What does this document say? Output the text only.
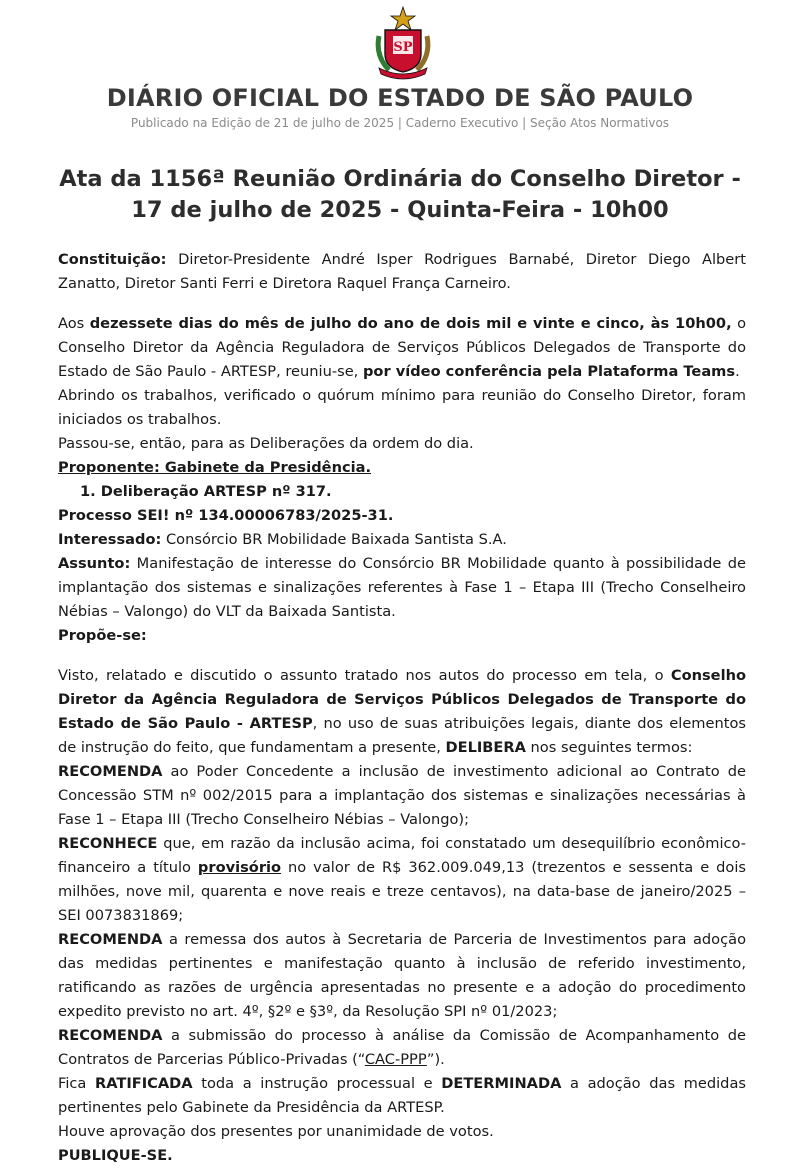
SP
DIÁRIO OFICIAL DO ESTADO DE SÃO PAULO
Publicado na Edição de 21 de julho de 2025 | Caderno Executivo | Seção Atos Normativos
Ata da 1156ª Reunião Ordinária do Conselho Diretor -
17 de julho de 2025 - Quinta-Feira - 10h00

Constituição: Diretor-Presidente André Isper Rodrigues Barnabé, Diretor Diego Albert Zanatto, Diretor Santi Ferri e Diretora Raquel França Carneiro.

Aos dezessete dias do mês de julho do ano de dois mil e vinte e cinco, às 10h00, o Conselho Diretor da Agência Reguladora de Serviços Públicos Delegados de Transporte do Estado de São Paulo - ARTESP, reuniu-se, por vídeo conferência pela Plataforma Teams.

Abrindo os trabalhos, verificado o quórum mínimo para reunião do Conselho Diretor, foram iniciados os trabalhos.

Passou-se, então, para as Deliberações da ordem do dia.

Proponente: Gabinete da Presidência.

1. Deliberação ARTESP nº 317.

Processo SEI! nº 134.00006783/2025-31.

Interessado: Consórcio BR Mobilidade Baixada Santista S.A.

Assunto: Manifestação de interesse do Consórcio BR Mobilidade quanto à possibilidade de implantação dos sistemas e sinalizações referentes à Fase 1 – Etapa III (Trecho Conselheiro Nébias – Valongo) do VLT da Baixada Santista.

Propõe-se:

Visto, relatado e discutido o assunto tratado nos autos do processo em tela, o Conselho Diretor da Agência Reguladora de Serviços Públicos Delegados de Transporte do Estado de São Paulo - ARTESP, no uso de suas atribuições legais, diante dos elementos de instrução do feito, que fundamentam a presente, DELIBERA nos seguintes termos:

RECOMENDA ao Poder Concedente a inclusão de investimento adicional ao Contrato de Concessão STM nº 002/2015 para a implantação dos sistemas e sinalizações necessárias à Fase 1 – Etapa III (Trecho Conselheiro Nébias – Valongo);

RECONHECE que, em razão da inclusão acima, foi constatado um desequilíbrio econômico-financeiro a título provisório no valor de R$ 362.009.049,13 (trezentos e sessenta e dois milhões, nove mil, quarenta e nove reais e treze centavos), na data-base de janeiro/2025 – SEI 0073831869;

RECOMENDA a remessa dos autos à Secretaria de Parceria de Investimentos para adoção das medidas pertinentes e manifestação quanto à inclusão de referido investimento, ratificando as razões de urgência apresentadas no presente e a adoção do procedimento expedito previsto no art. 4º, §2º e §3º, da Resolução SPI nº 01/2023;

RECOMENDA a submissão do processo à análise da Comissão de Acompanhamento de Contratos de Parcerias Público-Privadas (“CAC-PPP”).

Fica RATIFICADA toda a instrução processual e DETERMINADA a adoção das medidas pertinentes pelo Gabinete da Presidência da ARTESP.

Houve aprovação dos presentes por unanimidade de votos.

PUBLIQUE-SE.
